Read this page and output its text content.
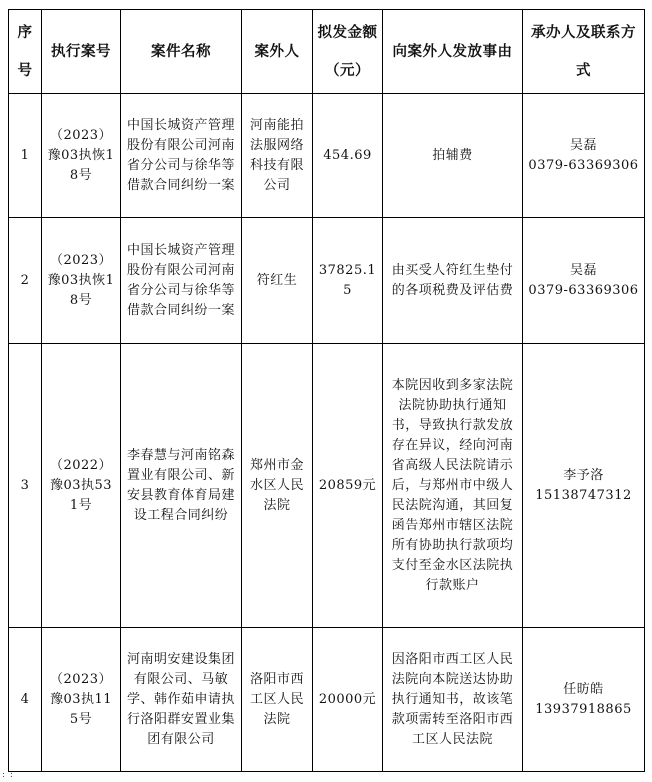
序号	执行案号	案件名称	案外人	拟发金额（元）	向案外人发放事由	承办人及联系方式
1	（2023）豫03执恢18号	中国长城资产管理股份有限公司河南省分公司与徐华等借款合同纠纷一案	河南能拍法服网络科技有限公司	454.69	拍辅费	吴磊
0379-63369306

2	（2023）豫03执恢18号	中国长城资产管理股份有限公司河南省分公司与徐华等借款合同纠纷一案	符红生	37825.15	由买受人符红生垫付的各项税费及评估费	吴磊
0379-63369306

3	（2022）豫03执531号	李春慧与河南铭森置业有限公司、新安县教育体育局建设工程合同纠纷	郑州市金水区人民法院	20859元	本院因收到多家法院法院协助执行通知书，导致执行款发放存在异议，经向河南省高级人民法院请示后，与郑州市中级人民法院沟通，其回复函告郑州市辖区法院所有协助执行款项均支付至金水区法院执行款账户	李予洛
15138747312

4	（2023）豫03执115号	河南明安建设集团有限公司、马敏学、韩作茹申请执行洛阳群安置业集团有限公司	洛阳市西工区人民法院	20000元	因洛阳市西工区人民法院向本院送达协助执行通知书，故该笔款项需转至洛阳市西工区人民法院	任昉皓
13937918865
: :
